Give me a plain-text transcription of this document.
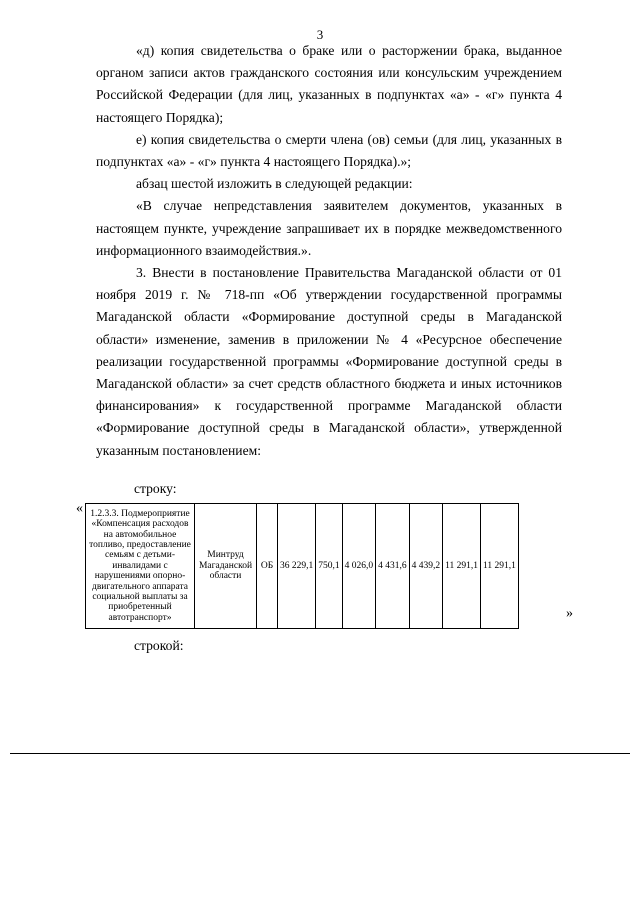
3

«д) копия свидетельства о браке или о расторжении брака, выданное органом записи актов гражданского состояния или консульским учреждением Российской Федерации (для лиц, указанных в подпунктах «а» - «г» пункта 4 настоящего Порядка);

е) копия свидетельства о смерти члена (ов) семьи (для лиц, указанных в подпунктах «а» - «г» пункта 4 настоящего Порядка).»;

абзац шестой изложить в следующей редакции:

«В случае непредставления заявителем документов, указанных в настоящем пункте, учреждение запрашивает их в порядке межведомственного информационного взаимодействия.».

3. Внести в постановление Правительства Магаданской области от 01 ноября 2019 г. № 718-пп «Об утверждении государственной программы Магаданской области «Формирование доступной среды в Магаданской области» изменение, заменив в приложении № 4 «Ресурсное обеспечение реализации государственной программы «Формирование доступной среды в Магаданской области» за счет средств областного бюджета и иных источников финансирования» к государственной программе Магаданской области «Формирование доступной среды в Магаданской области», утвержденной указанным постановлением:

строку:
« 1.2.3.3. Подмероприятие «Компенсация расходов на автомобильное топливо, предоставление семьям с детьми-инвалидами с нарушениями опорно-двигательного аппарата социальной выплаты за приобретенный автотранспорт»	Минтруд Магаданской области	ОБ	36 229,1	750,1	4 026,0	4 431,6	4 439,2	11 291,1	11 291,1
»
строкой:
